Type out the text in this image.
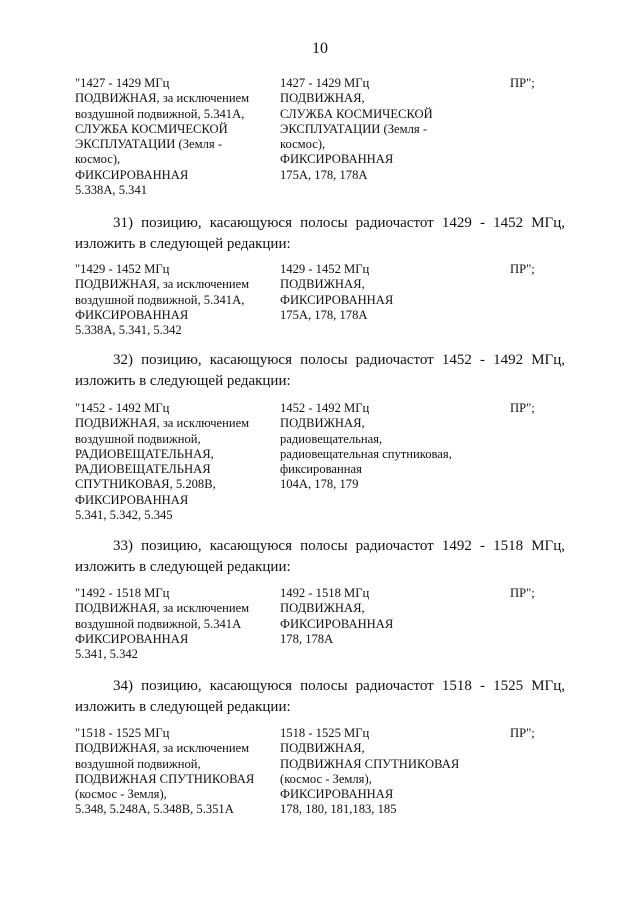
10
"1427 - 1429 МГц
ПОДВИЖНАЯ, за исключением
воздушной подвижной, 5.341А,
СЛУЖБА КОСМИЧЕСКОЙ
ЭКСПЛУАТАЦИИ (Земля -
космос),
ФИКСИРОВАННАЯ
5.338А, 5.341
1427 - 1429 МГц
ПОДВИЖНАЯ,
СЛУЖБА КОСМИЧЕСКОЙ
ЭКСПЛУАТАЦИИ (Земля -
космос),
ФИКСИРОВАННАЯ
175А, 178, 178А
ПР";
31) позицию, касающуюся полосы радиочастот 1429 - 1452 МГц,
изложить в следующей редакции:
"1429 - 1452 МГц
ПОДВИЖНАЯ, за исключением
воздушной подвижной, 5.341А,
ФИКСИРОВАННАЯ
5.338А, 5.341, 5.342
1429 - 1452 МГц
ПОДВИЖНАЯ,
ФИКСИРОВАННАЯ
175А, 178, 178А
ПР";
32) позицию, касающуюся полосы радиочастот 1452 - 1492 МГц,
изложить в следующей редакции:
"1452 - 1492 МГц
ПОДВИЖНАЯ, за исключением
воздушной подвижной,
РАДИОВЕЩАТЕЛЬНАЯ,
РАДИОВЕЩАТЕЛЬНАЯ
СПУТНИКОВАЯ, 5.208В,
ФИКСИРОВАННАЯ
5.341, 5.342, 5.345
1452 - 1492 МГц
ПОДВИЖНАЯ,
радиовещательная,
радиовещательная спутниковая,
фиксированная
104А, 178, 179
ПР";
33) позицию, касающуюся полосы радиочастот 1492 - 1518 МГц,
изложить в следующей редакции:
"1492 - 1518 МГц
ПОДВИЖНАЯ, за исключением
воздушной подвижной, 5.341А
ФИКСИРОВАННАЯ
5.341, 5.342
1492 - 1518 МГц
ПОДВИЖНАЯ,
ФИКСИРОВАННАЯ
178, 178А
ПР";
34) позицию, касающуюся полосы радиочастот 1518 - 1525 МГц,
изложить в следующей редакции:
"1518 - 1525 МГц
ПОДВИЖНАЯ, за исключением
воздушной подвижной,
ПОДВИЖНАЯ СПУТНИКОВАЯ
(космос - Земля),
5.348, 5.248А, 5.348В, 5.351А
1518 - 1525 МГц
ПОДВИЖНАЯ,
ПОДВИЖНАЯ СПУТНИКОВАЯ
(космос - Земля),
ФИКСИРОВАННАЯ
178, 180, 181,183, 185
ПР";
